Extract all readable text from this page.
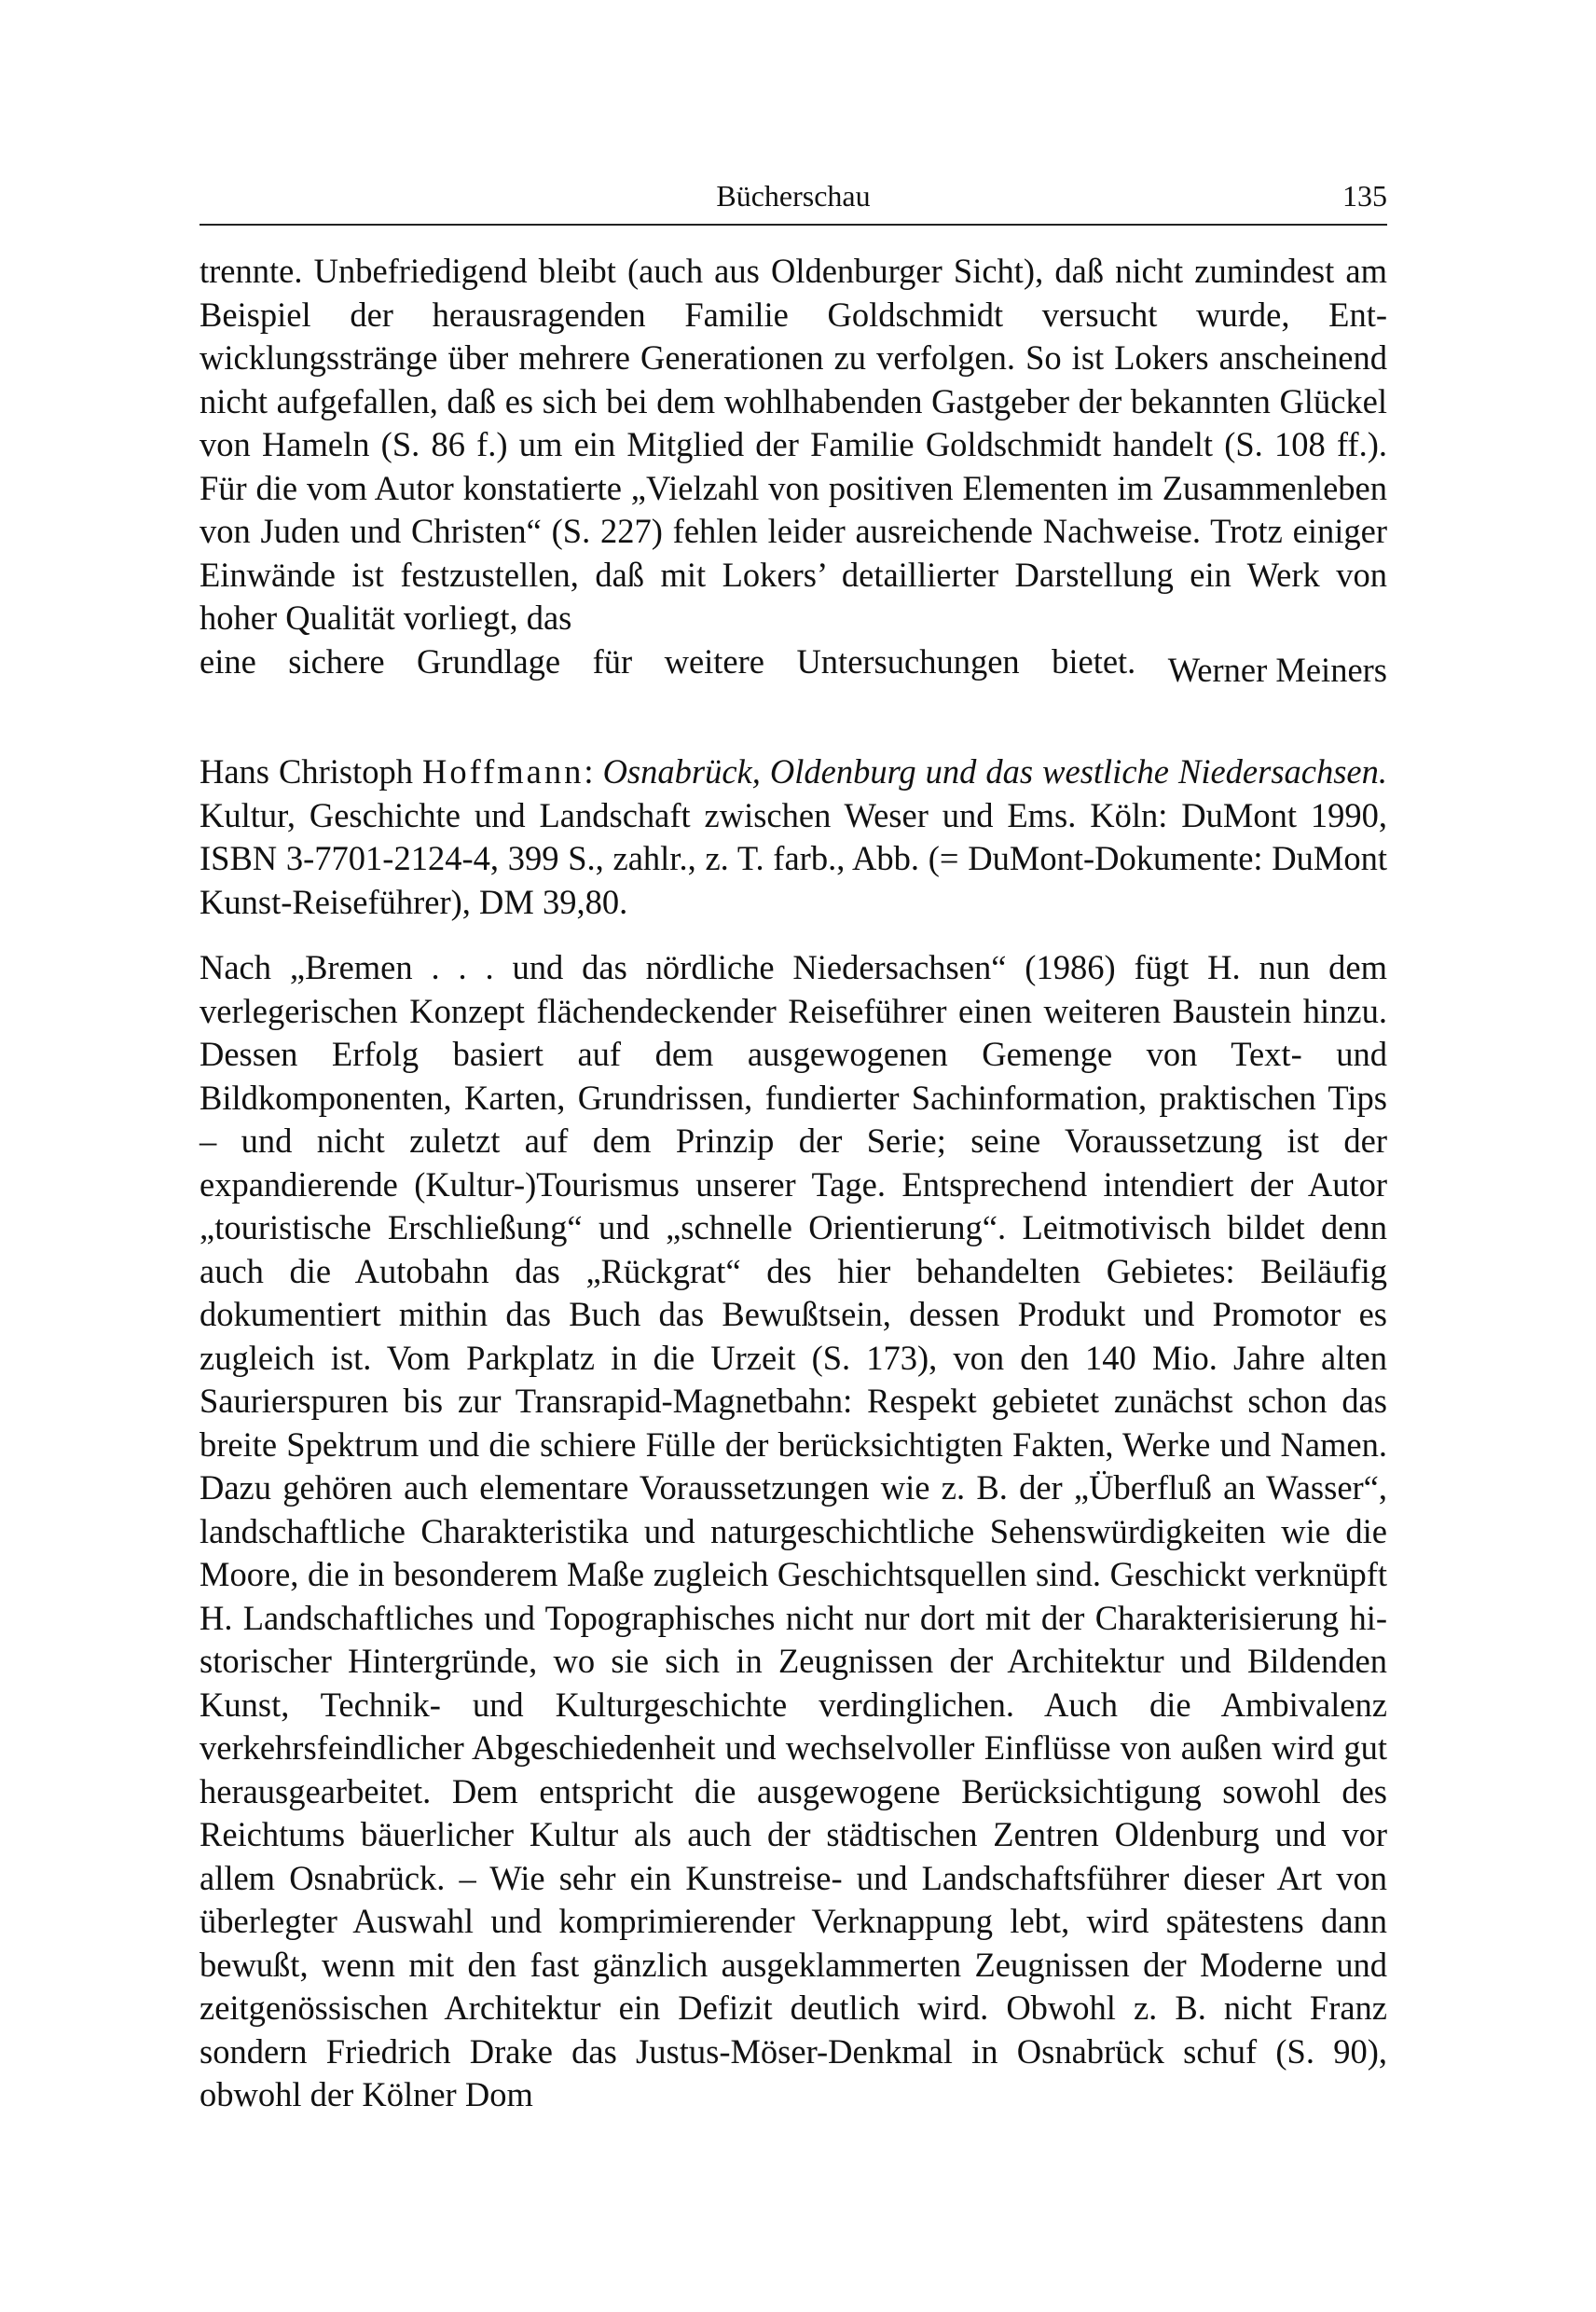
Bücherschau	135

trennte. Unbefriedigend bleibt (auch aus Oldenburger Sicht), daß nicht zumindest am Beispiel der herausragenden Familie Goldschmidt versucht wurde, Entwicklungsstränge über mehrere Generationen zu verfolgen. So ist Lokers anscheinend nicht aufgefallen, daß es sich bei dem wohlhabenden Gastgeber der bekannten Glückel von Hameln (S. 86 f.) um ein Mitglied der Familie Goldschmidt handelt (S. 108 ff.). Für die vom Autor konstatierte „Vielzahl von positiven Elementen im Zusammenleben von Juden und Christen“ (S. 227) fehlen leider ausreichende Nachweise. Trotz einiger Einwände ist festzustellen, daß mit Lokers’ detaillierter Darstellung ein Werk von hoher Qualität vorliegt, das

eine sichere Grundlage für weitere Untersuchungen bietet. Werner Meiners

Hans Christoph Hoffmann: Osnabrück, Oldenburg und das westliche Niedersachsen. Kultur, Geschichte und Landschaft zwischen Weser und Ems. Köln: DuMont 1990, ISBN 3-7701-2124-4, 399 S., zahlr., z. T. farb., Abb. (= DuMont-Dokumente: DuMont Kunst-Reiseführer), DM 39,80.

Nach „Bremen . . . und das nördliche Niedersachsen“ (1986) fügt H. nun dem verlegerischen Konzept flächendeckender Reiseführer einen weiteren Baustein hinzu. Dessen Erfolg basiert auf dem ausgewogenen Gemenge von Text- und Bildkomponenten, Karten, Grundrissen, fundierter Sachinformation, praktischen Tips – und nicht zuletzt auf dem Prinzip der Serie; seine Voraussetzung ist der expandierende (Kultur-)Tourismus unserer Tage. Entsprechend intendiert der Autor „touristische Erschließung“ und „schnelle Orientierung“. Leitmotivisch bildet denn auch die Autobahn das „Rückgrat“ des hier behandelten Gebietes: Beiläufig dokumentiert mithin das Buch das Bewußtsein, dessen Produkt und Promotor es zugleich ist. Vom Parkplatz in die Urzeit (S. 173), von den 140 Mio. Jahre alten Saurierspuren bis zur Transrapid-Magnetbahn: Respekt gebietet zunächst schon das breite Spektrum und die schiere Fülle der berücksichtigten Fakten, Werke und Namen. Dazu gehören auch elementare Voraussetzungen wie z. B. der „Überfluß an Wasser“, landschaftliche Charakteristika und naturgeschichtliche Sehenswürdigkeiten wie die Moore, die in besonderem Maße zugleich Geschichtsquellen sind. Geschickt verknüpft H. Landschaftliches und Topographisches nicht nur dort mit der Charakterisierung historischer Hintergründe, wo sie sich in Zeugnissen der Architektur und Bildenden Kunst, Technik- und Kulturgeschichte verdinglichen. Auch die Ambivalenz verkehrsfeindlicher Abgeschiedenheit und wechselvoller Einflüsse von außen wird gut herausgearbeitet. Dem entspricht die ausgewogene Berücksichtigung sowohl des Reichtums bäuerlicher Kultur als auch der städtischen Zentren Oldenburg und vor allem Osnabrück. – Wie sehr ein Kunstreise- und Landschaftsführer dieser Art von überlegter Auswahl und komprimierender Verknappung lebt, wird spätestens dann bewußt, wenn mit den fast gänzlich ausgeklammerten Zeugnissen der Moderne und zeitgenössischen Architektur ein Defizit deutlich wird. Obwohl z. B. nicht Franz sondern Friedrich Drake das Justus-Möser-Denkmal in Osnabrück schuf (S. 90), obwohl der Kölner Dom
